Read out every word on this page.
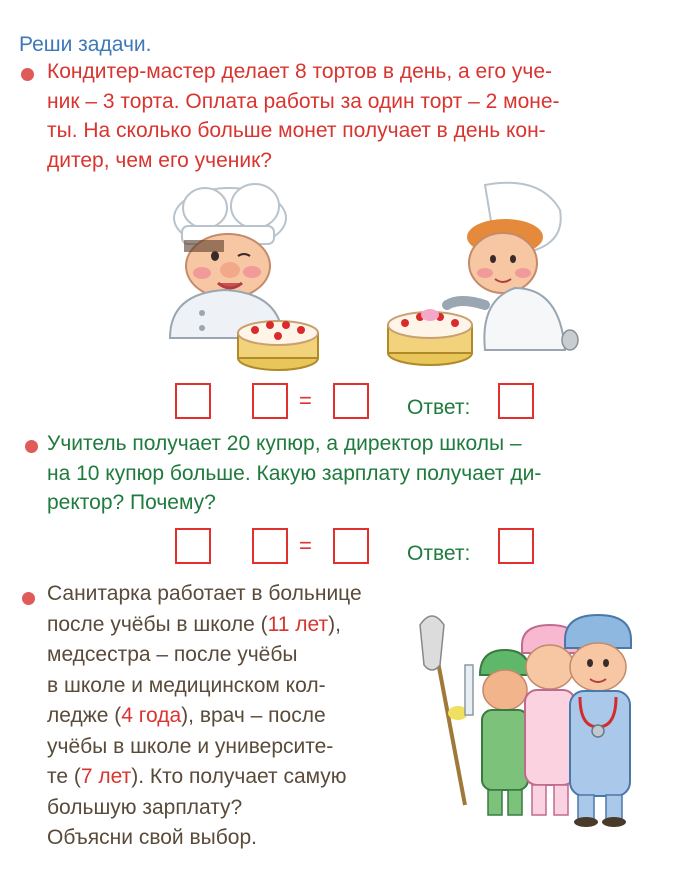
Реши задачи.

Кондитер-мастер делает 8 тортов в день, а его уче-
ник – 3 торта. Оплата работы за один торт – 2 моне-
ты. На сколько больше монет получает в день кон-
дитер, чем его ученик?

=	Ответ:

Учитель получает 20 купюр, а директор школы –
на 10 купюр больше. Какую зарплату получает ди-
ректор? Почему?

=	Ответ:

Санитарка работает в больнице
после учёбы в школе (11 лет),
медсестра – после учёбы
в школе и медицинском кол-
ледже (4 года), врач – после
учёбы в школе и университе-
те (7 лет). Кто получает самую
большую зарплату?
Объясни свой выбор.
